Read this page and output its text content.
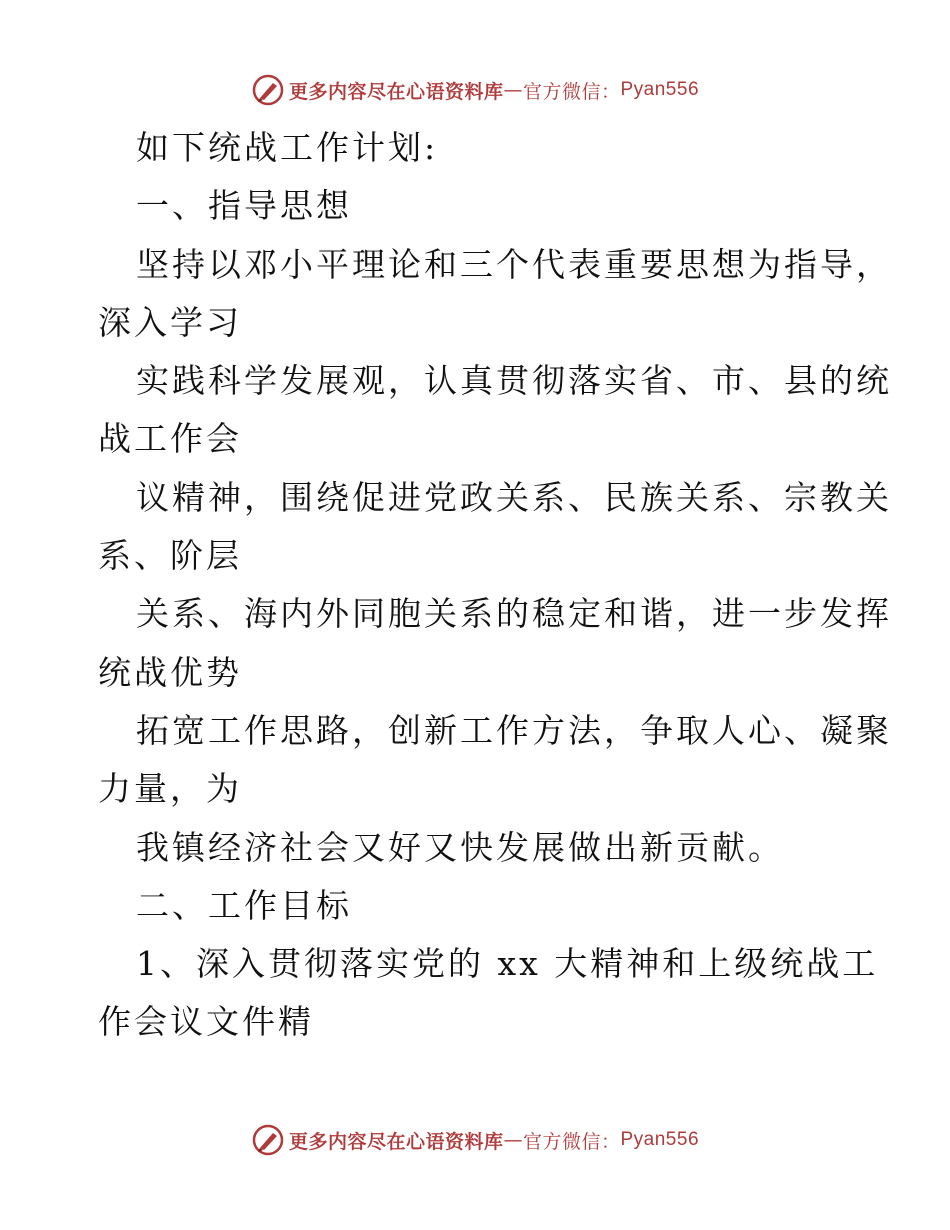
更多内容尽在心语资料库 — 官方微信： Pyan556
如下统战工作计划:
一、指导思想
坚持以邓小平理论和三个代表重要思想为指导，
深入学习
实践科学发展观，认真贯彻落实省、市、县的统
战工作会
议精神，围绕促进党政关系、民族关系、宗教关
系、阶层
关系、海内外同胞关系的稳定和谐，进一步发挥
统战优势
拓宽工作思路，创新工作方法，争取人心、凝聚
力量，为
我镇经济社会又好又快发展做出新贡献。
二、工作目标
1、深入贯彻落实党的 xx 大精神和上级统战工
作会议文件精
更多内容尽在心语资料库 — 官方微信： Pyan556
